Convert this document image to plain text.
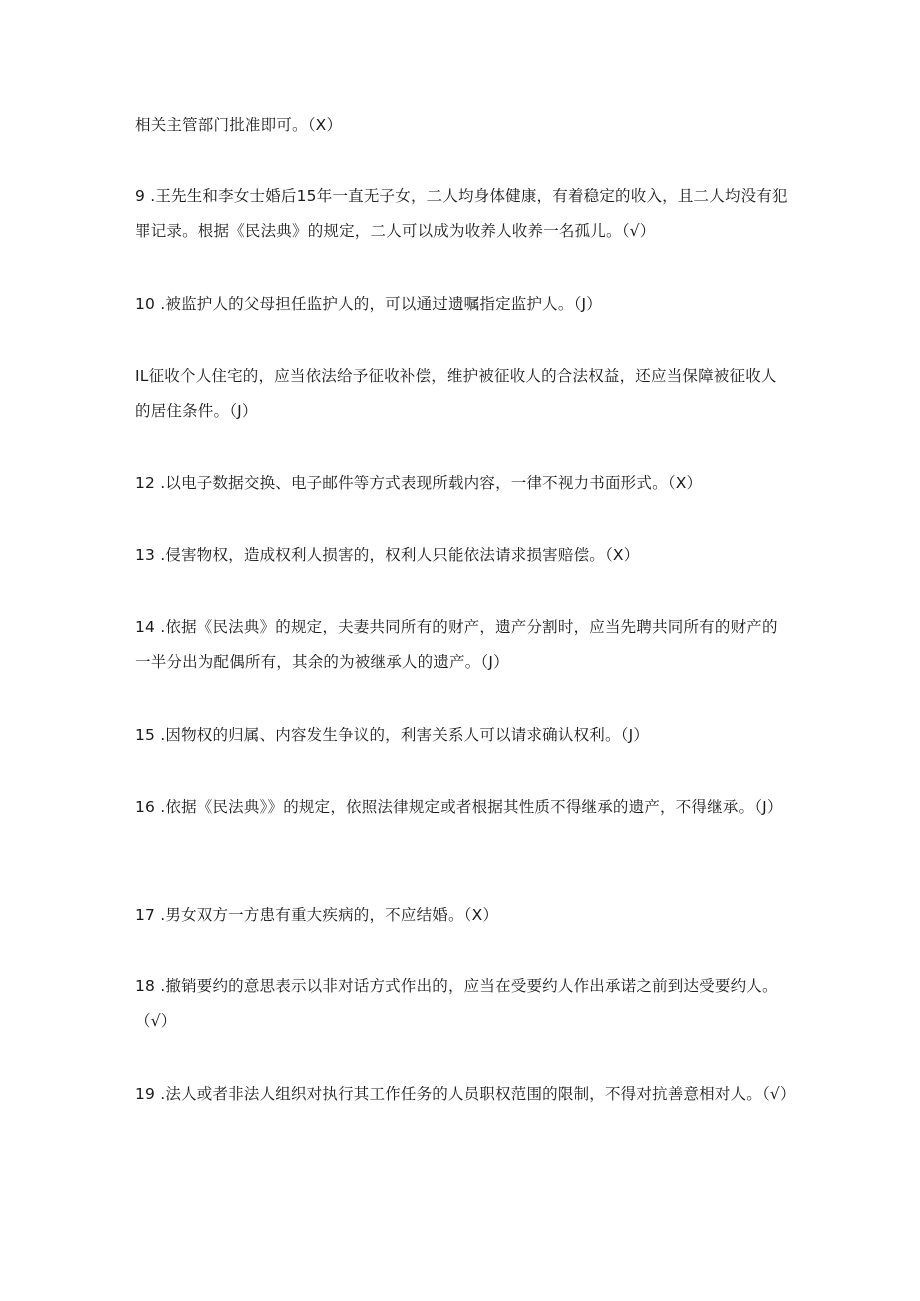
相关主管部门批准即可。（X）

9 .王先生和李女士婚后15年一直无子女，二人均身体健康，有着稳定的收入，且二人均没有犯罪记录。根据《民法典》的规定，二人可以成为收养人收养一名孤儿。（√）

10 .被监护人的父母担任监护人的，可以通过遗嘱指定监护人。（J）

IL征收个人住宅的，应当依法给予征收补偿，维护被征收人的合法权益，还应当保障被征收人的居住条件。（J）

12 .以电子数据交换、电子邮件等方式表现所载内容，一律不视力书面形式。（X）

13 .侵害物权，造成权利人损害的，权利人只能依法请求损害赔偿。（X）

14 .依据《民法典》的规定，夫妻共同所有的财产，遗产分割时，应当先聘共同所有的财产的一半分出为配偶所有，其余的为被继承人的遗产。（J）

15 .因物权的归属、内容发生争议的，利害关系人可以请求确认权利。（J）

16 .依据《民法典》》的规定，依照法律规定或者根据其性质不得继承的遗产，不得继承。（J）

17 .男女双方一方患有重大疾病的，不应结婚。（X）

18 .撤销要约的意思表示以非对话方式作出的，应当在受要约人作出承诺之前到达受要约人。（√）

19 .法人或者非法人组织对执行其工作任务的人员职权范围的限制，不得对抗善意相对人。（√）
